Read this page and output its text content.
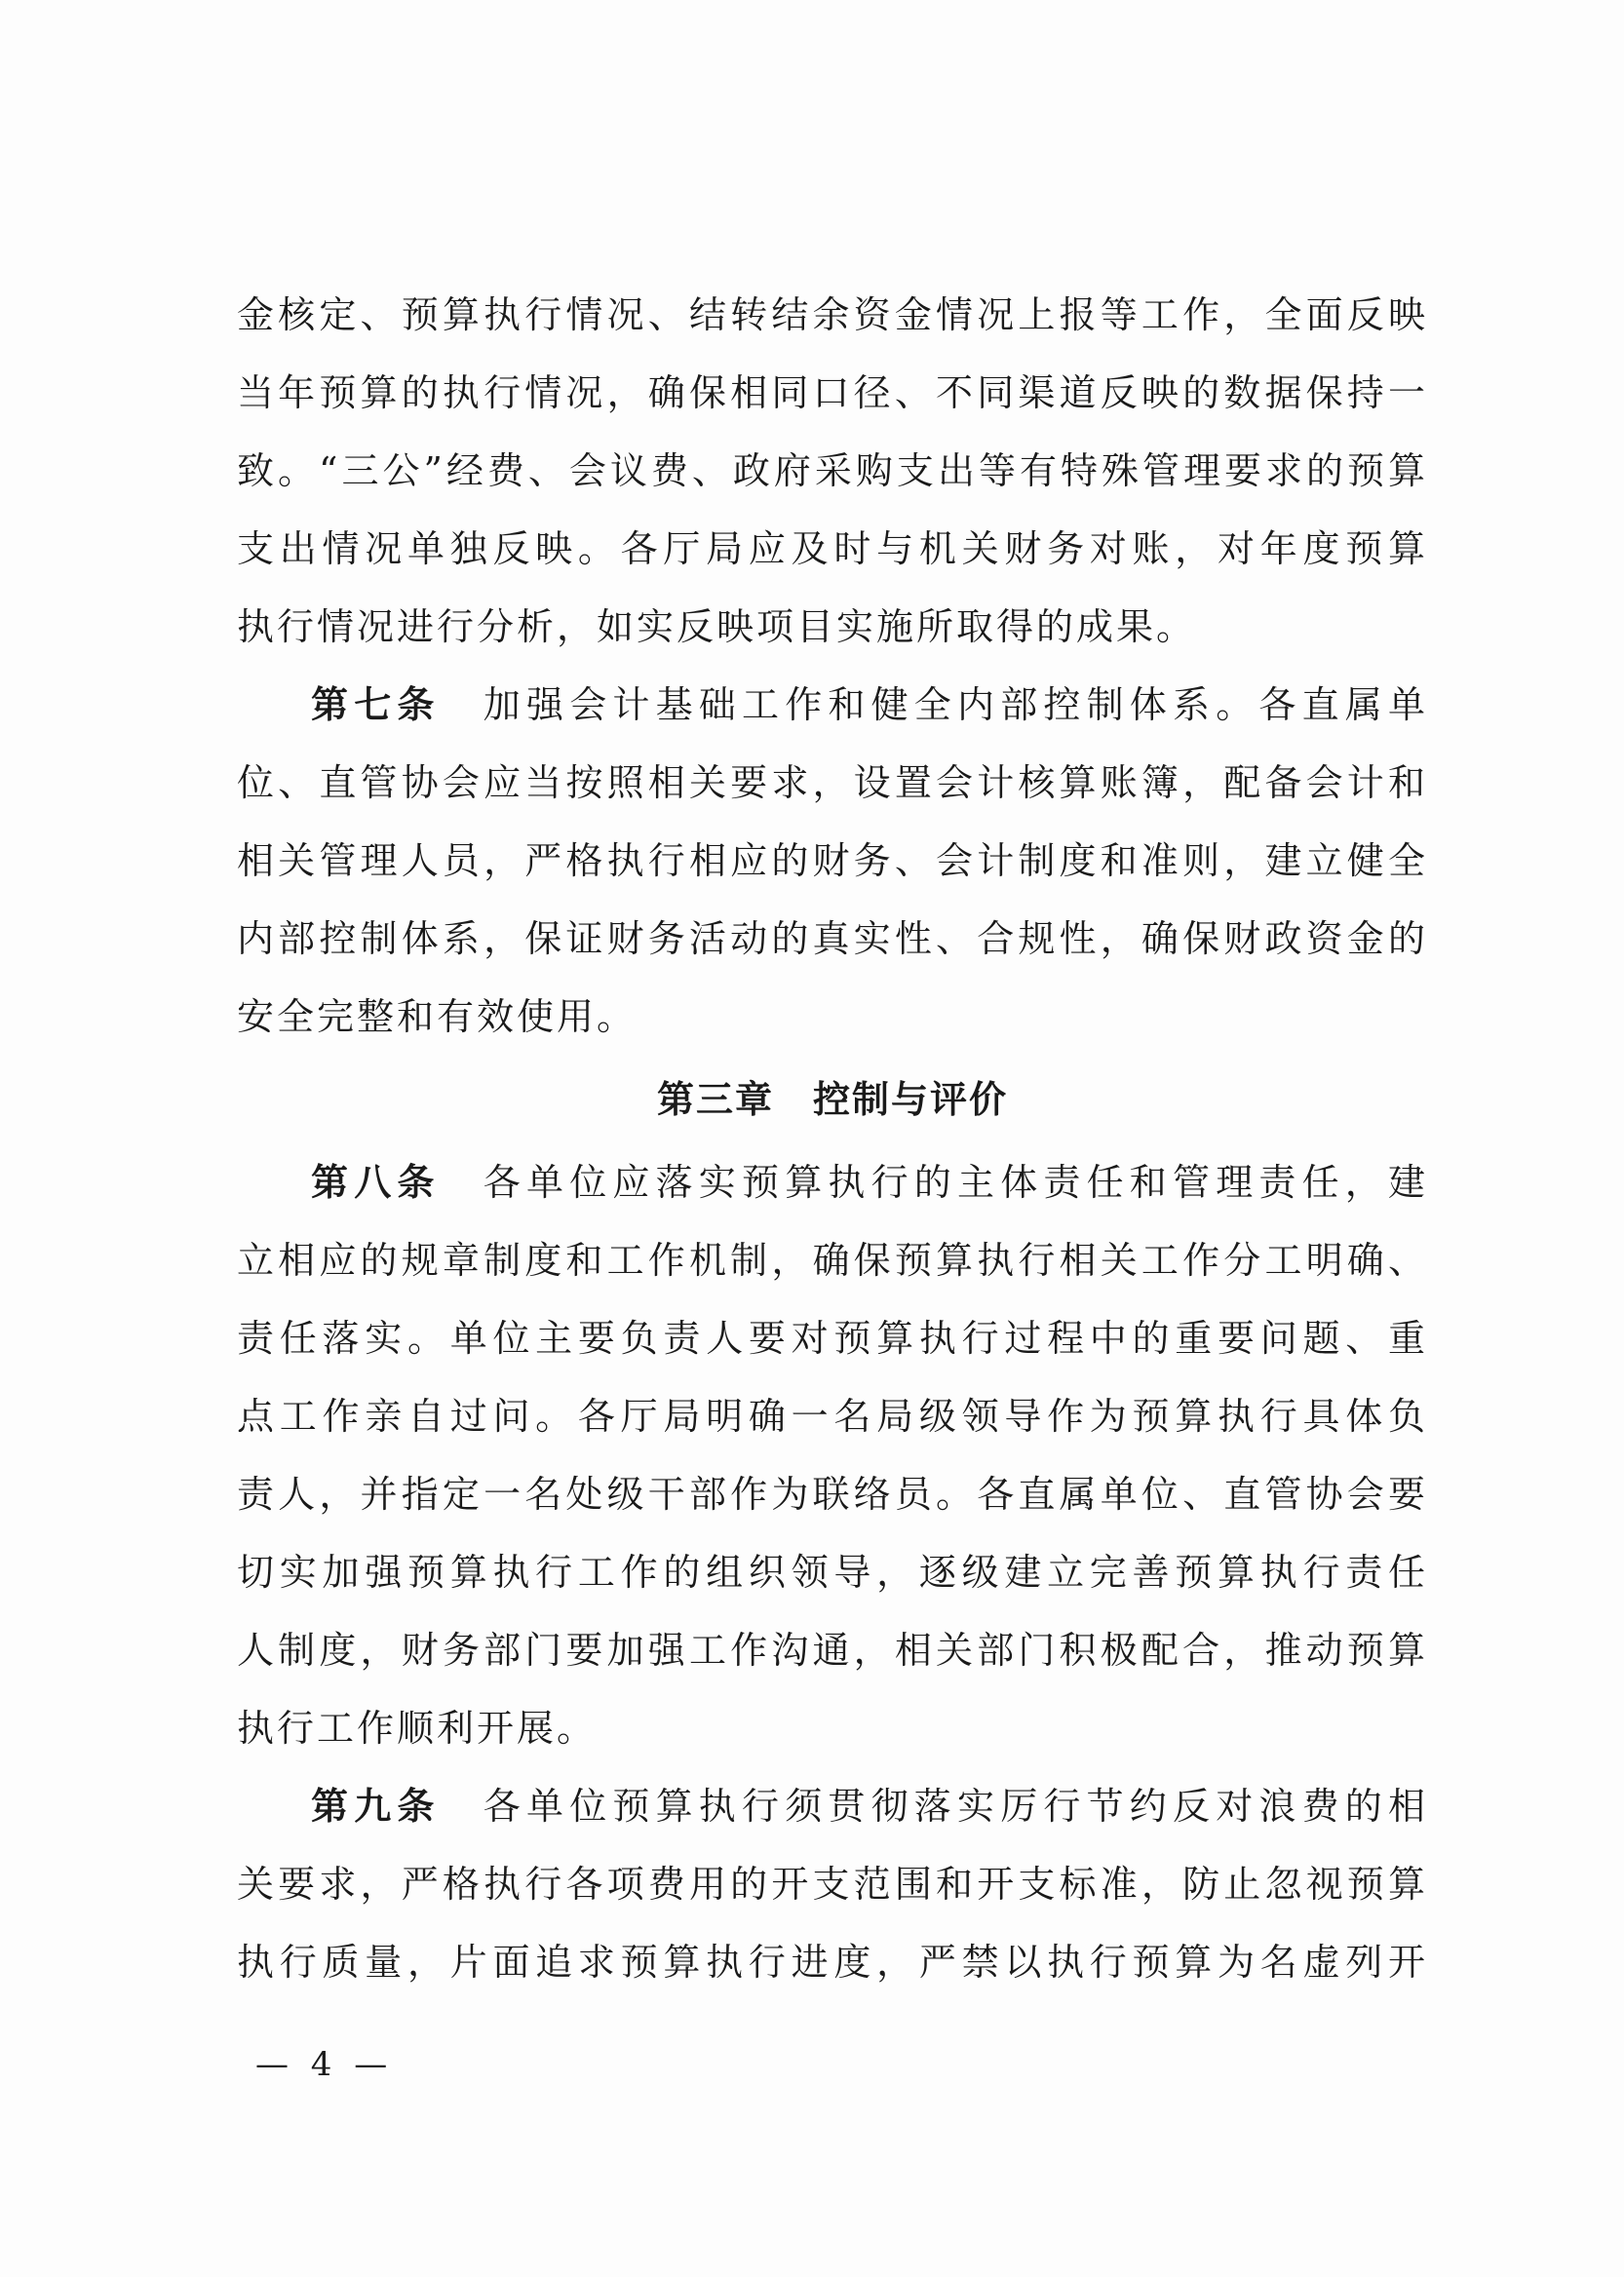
金核定、预算执行情况、结转结余资金情况上报等工作，全面反映
当年预算的执行情况，确保相同口径、不同渠道反映的数据保持一
致。“三公”经费、会议费、政府采购支出等有特殊管理要求的预算
支出情况单独反映。各厅局应及时与机关财务对账，对年度预算
执行情况进行分析，如实反映项目实施所取得的成果。
第七条　加强会计基础工作和健全内部控制体系。各直属单
位、直管协会应当按照相关要求，设置会计核算账簿，配备会计和
相关管理人员，严格执行相应的财务、会计制度和准则，建立健全
内部控制体系，保证财务活动的真实性、合规性，确保财政资金的
安全完整和有效使用。
第三章　控制与评价
第八条　各单位应落实预算执行的主体责任和管理责任，建
立相应的规章制度和工作机制，确保预算执行相关工作分工明确、
责任落实。单位主要负责人要对预算执行过程中的重要问题、重
点工作亲自过问。各厅局明确一名局级领导作为预算执行具体负
责人，并指定一名处级干部作为联络员。各直属单位、直管协会要
切实加强预算执行工作的组织领导，逐级建立完善预算执行责任
人制度，财务部门要加强工作沟通，相关部门积极配合，推动预算
执行工作顺利开展。
第九条　各单位预算执行须贯彻落实厉行节约反对浪费的相
关要求，严格执行各项费用的开支范围和开支标准，防止忽视预算
执行质量，片面追求预算执行进度，严禁以执行预算为名虚列开
— 4 —
